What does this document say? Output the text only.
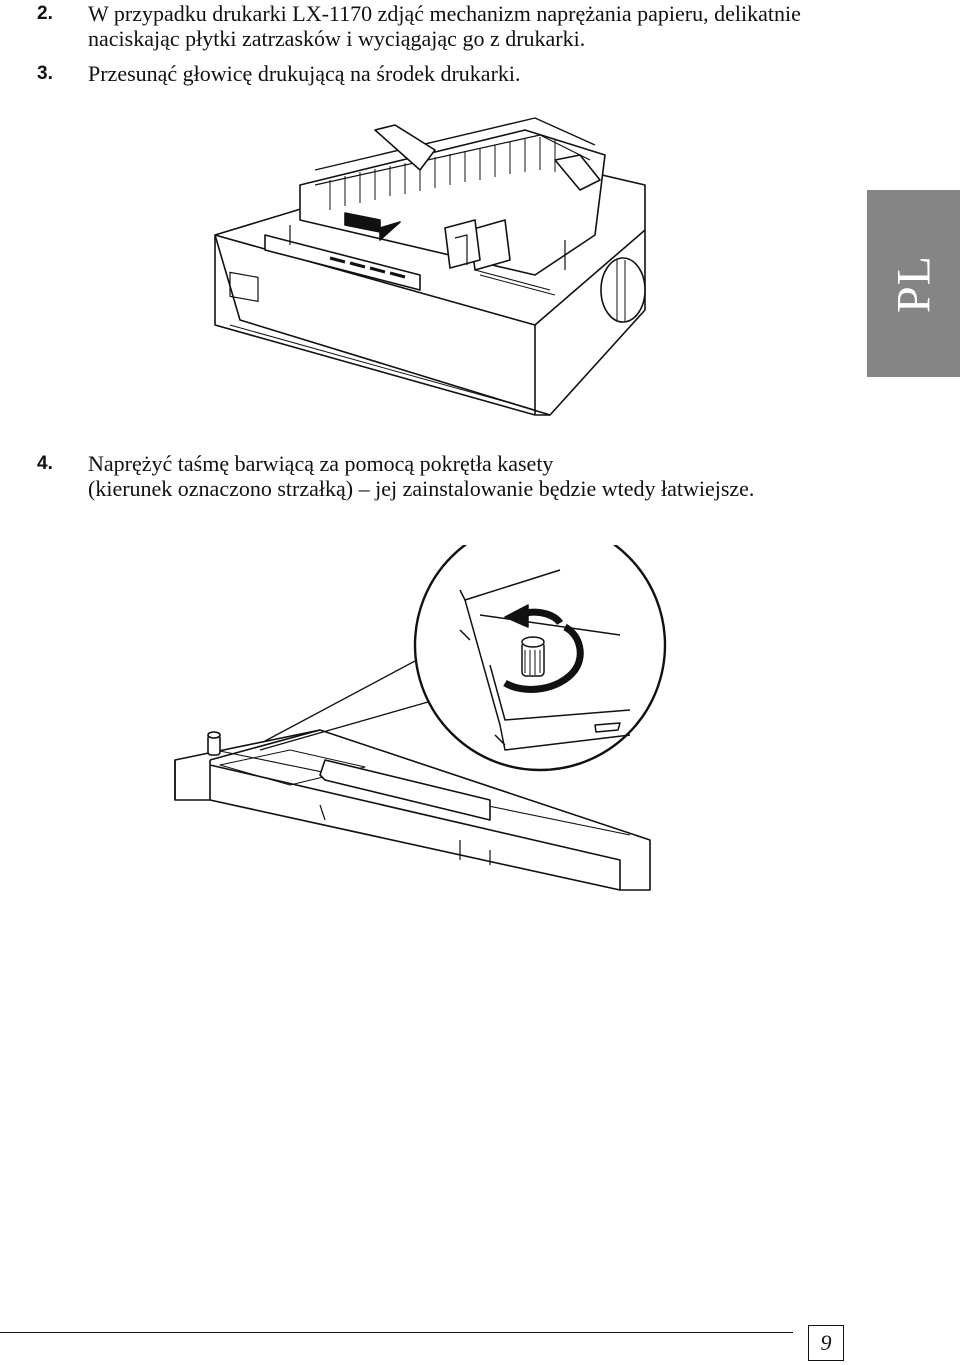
2. W przypadku drukarki LX-1170 zdjąć mechanizm naprężania papieru, delikatnie
naciskając płytki zatrzasków i wyciągając go z drukarki.
3. Przesunąć głowicę drukującą na środek drukarki.
PL
4. Naprężyć taśmę barwiącą za pomocą pokrętła kasety
(kierunek oznaczono strzałką) – jej zainstalowanie będzie wtedy łatwiejsze.
9
